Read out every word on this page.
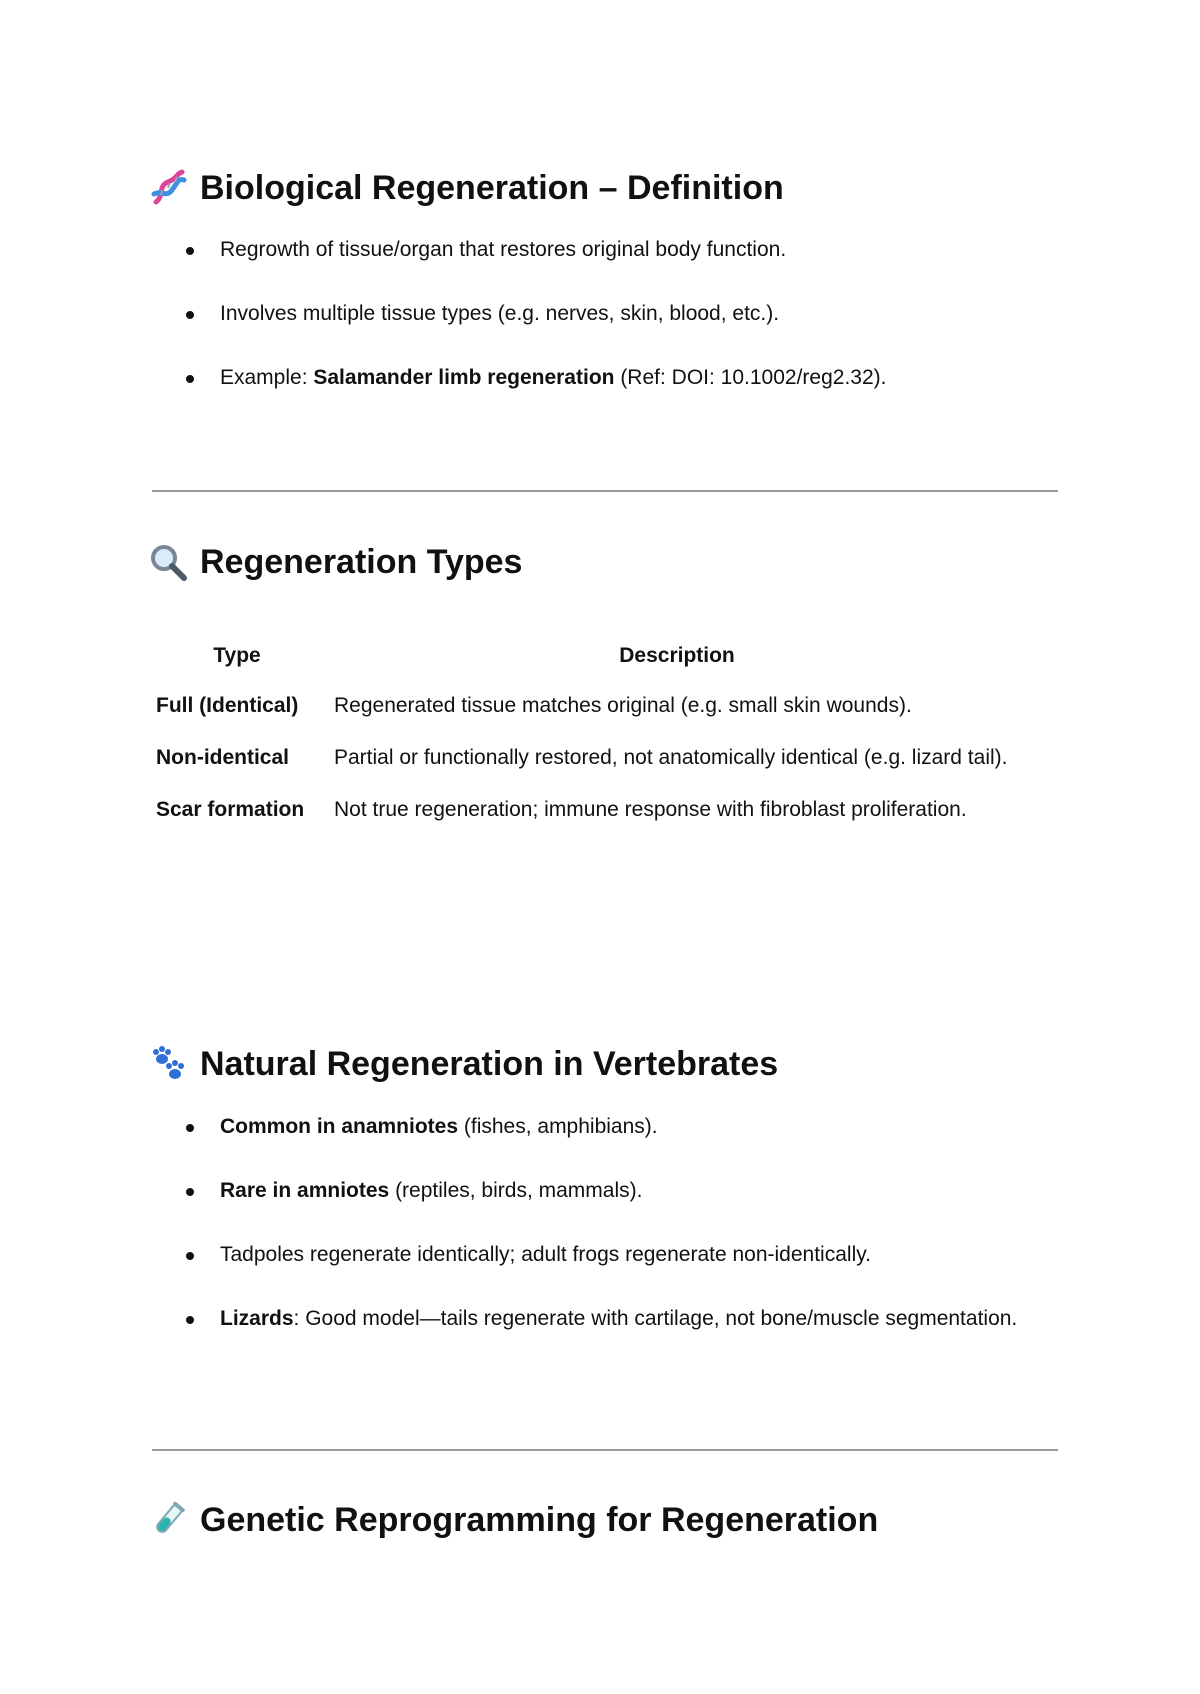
Biological Regeneration – Definition
Regrowth of tissue/organ that restores original body function.
Involves multiple tissue types (e.g. nerves, skin, blood, etc.).
Example: Salamander limb regeneration (Ref: DOI: 10.1002/reg2.32).
Regeneration Types
Type	Description
Full (Identical)	Regenerated tissue matches original (e.g. small skin wounds).
Non-identical	Partial or functionally restored, not anatomically identical (e.g. lizard tail).
Scar formation	Not true regeneration; immune response with fibroblast proliferation.
Natural Regeneration in Vertebrates
Common in anamniotes (fishes, amphibians).
Rare in amniotes (reptiles, birds, mammals).
Tadpoles regenerate identically; adult frogs regenerate non-identically.
Lizards: Good model—tails regenerate with cartilage, not bone/muscle segmentation.
Genetic Reprogramming for Regeneration
